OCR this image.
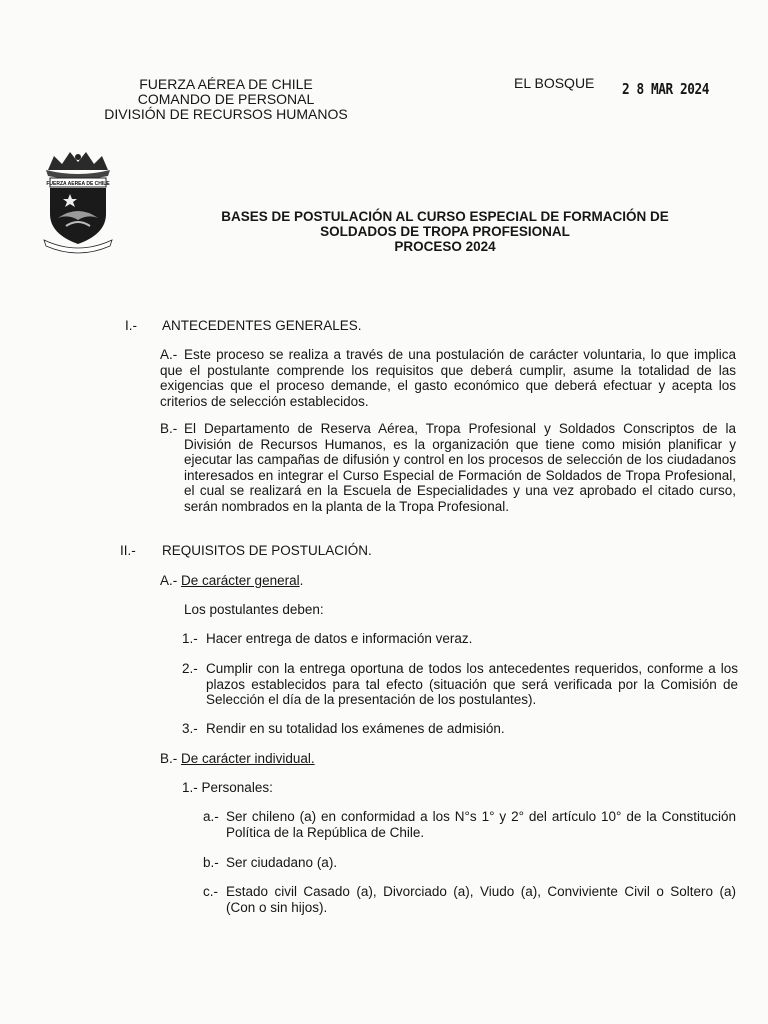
FUERZA AÉREA DE CHILE
COMANDO DE PERSONAL
DIVISIÓN DE RECURSOS HUMANOS
EL BOSQUE 2 8 MAR 2024
FUERZA AEREA DE CHILE
BASES DE POSTULACIÓN AL CURSO ESPECIAL DE FORMACIÓN DE
SOLDADOS DE TROPA PROFESIONAL
PROCESO 2024
I.- ANTECEDENTES GENERALES.
A.- Este proceso se realiza a través de una postulación de carácter voluntaria, lo que implica que el postulante comprende los requisitos que deberá cumplir, asume la totalidad de las exigencias que el proceso demande, el gasto económico que deberá efectuar y acepta los criterios de selección establecidos.
B.- El Departamento de Reserva Aérea, Tropa Profesional y Soldados Conscriptos de la División de Recursos Humanos, es la organización que tiene como misión planificar y ejecutar las campañas de difusión y control en los procesos de selección de los ciudadanos interesados en integrar el Curso Especial de Formación de Soldados de Tropa Profesional, el cual se realizará en la Escuela de Especialidades y una vez aprobado el citado curso, serán nombrados en la planta de la Tropa Profesional.
II.- REQUISITOS DE POSTULACIÓN.
A.- De carácter general.
Los postulantes deben:
1.- Hacer entrega de datos e información veraz.
2.- Cumplir con la entrega oportuna de todos los antecedentes requeridos, conforme a los plazos establecidos para tal efecto (situación que será verificada por la Comisión de Selección el día de la presentación de los postulantes).
3.- Rendir en su totalidad los exámenes de admisión.
B.- De carácter individual.
1.- Personales:
a.- Ser chileno (a) en conformidad a los N°s 1° y 2° del artículo 10° de la Constitución Política de la República de Chile.
b.- Ser ciudadano (a).
c.- Estado civil Casado (a), Divorciado (a), Viudo (a), Conviviente Civil o Soltero (a) (Con o sin hijos).
